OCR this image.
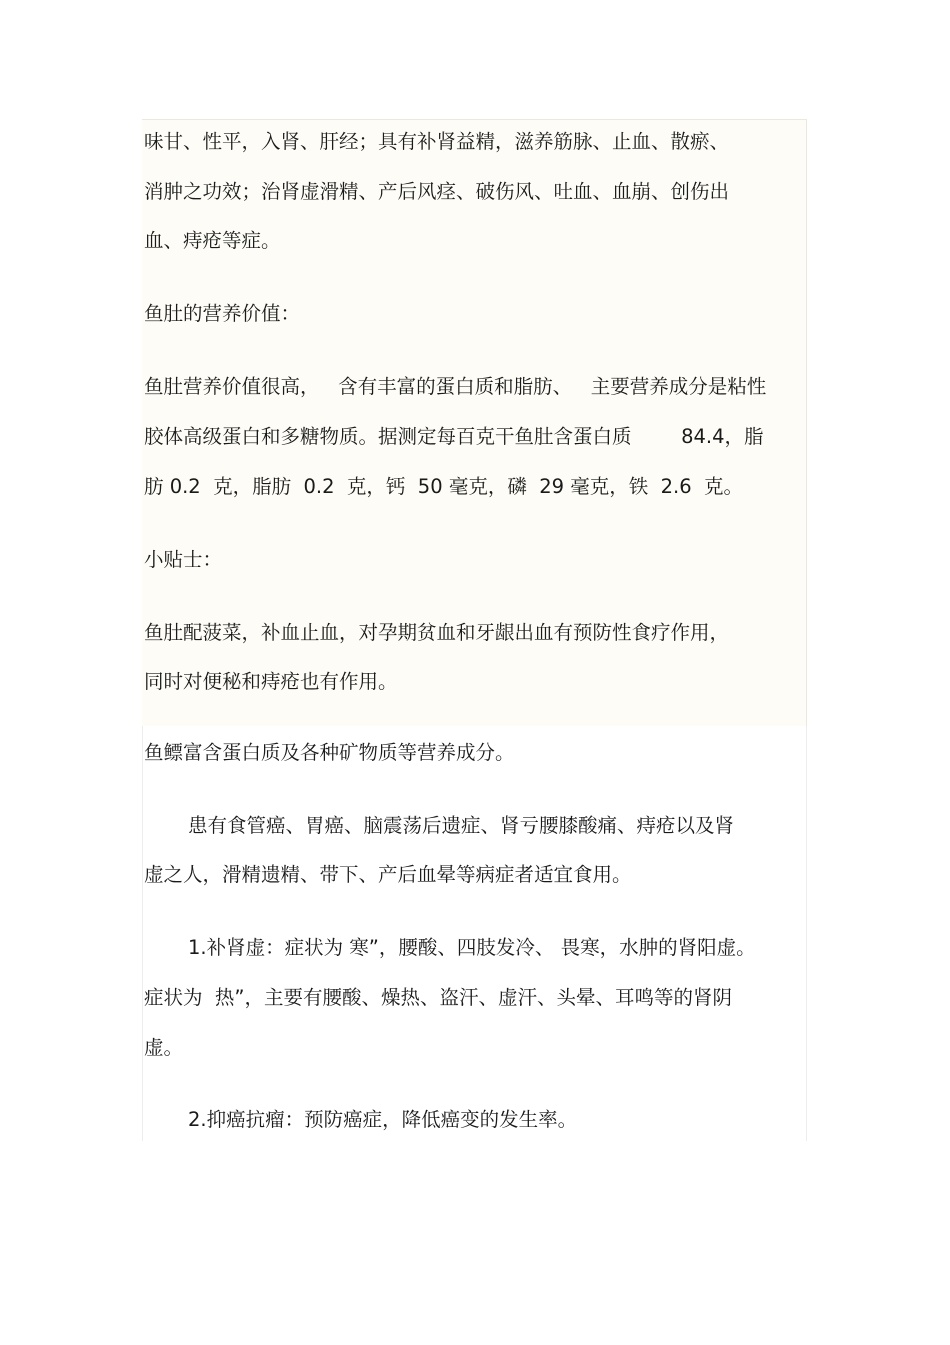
味甘、性平，入肾、肝经；具有补肾益精，滋养筋脉、止血、散瘀、
消肿之功效；治肾虚滑精、产后风痉、破伤风、吐血、血崩、创伤出
血、痔疮等症。
鱼肚的营养价值：
鱼肚营养价值很高，   含有丰富的蛋白质和脂肪、   主要营养成分是粘性
胶体高级蛋白和多糖物质。据测定每百克干鱼肚含蛋白质        84.4，脂
肪 0.2  克，脂肪  0.2  克，钙  50 毫克，磷  29 毫克，铁  2.6  克。
小贴士：
鱼肚配菠菜，补血止血，对孕期贫血和牙龈出血有预防性食疗作用，
同时对便秘和痔疮也有作用。
鱼鳔富含蛋白质及各种矿物质等营养成分。
患有食管癌、胃癌、脑震荡后遗症、肾亏腰膝酸痛、痔疮以及肾
虚之人，滑精遗精、带下、产后血晕等病症者适宜食用。
1.补肾虚：症状为 寒”，腰酸、四肢发冷、 畏寒，水肿的肾阳虚。
症状为  热”，主要有腰酸、燥热、盗汗、虚汗、头晕、耳鸣等的肾阴
虚。
2.抑癌抗瘤：预防癌症，降低癌变的发生率。
